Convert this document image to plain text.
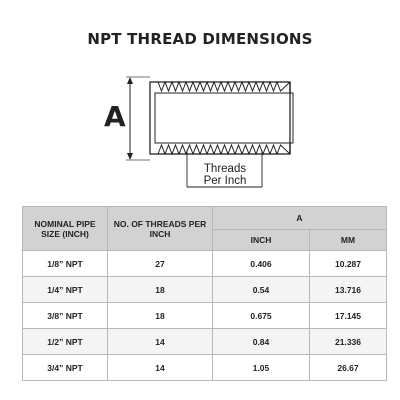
NPT THREAD DIMENSIONS
A
Threads
Per Inch
NOMINAL PIPE SIZE (INCH)	NO. OF THREADS PER INCH	A	
		INCH	MM
1/8” NPT	27	0.406	10.287
1/4” NPT	18	0.54	13.716
3/8” NPT	18	0.675	17.145
1/2” NPT	14	0.84	21.336
3/4” NPT	14	1.05	26.67
